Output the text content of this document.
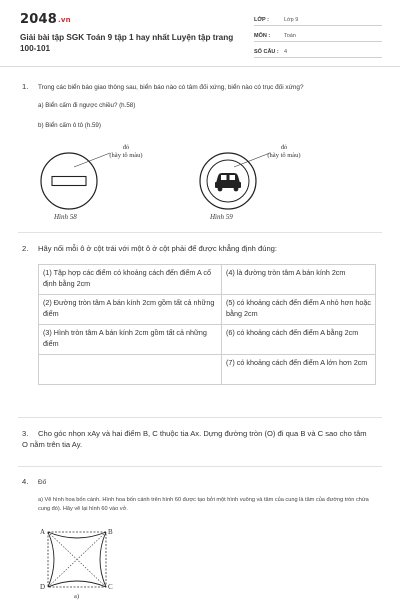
2048.vn
Giải bài tập SGK Toán 9 tập 1 hay nhất Luyện tập trang 100-101
LỚP :	Lớp 9
MÔN :	Toán
SỐ CÂU : 4
1. Trong các biển báo giao thông sau, biển báo nào có tâm đối xứng, biển nào có trục đối xứng?
a) Biển cấm đi ngược chiều? (h.58)
b) Biển cấm ô tô (h.59)
đỏ
(hãy tô màu)
Hình 58
đỏ
(hãy tô màu)
Hình 59
2. Hãy nối mỗi ô ở cột trái với một ô ở cột phải để được khẳng định đúng:
(1) Tập hợp các điểm có khoảng cách đến điểm A cố định bằng 2cm	(4) là đường tròn tâm A bán kính 2cm
(2) Đường tròn tâm A bán kính 2cm gồm tất cả những điểm	(5) có khoảng cách đến điểm A nhỏ hơn hoặc bằng 2cm
(3) Hình tròn tâm A bán kính 2cm gồm tất cả những điểm	(6) có khoảng cách đến điểm A bằng 2cm
	(7) có khoảng cách đến điểm A lớn hơn 2cm
3. Cho góc nhọn xAy và hai điểm B, C thuộc tia Ax. Dựng đường tròn (O) đi qua B và C sao cho tâm O nằm trên tia Ay.
4. Đố
a) Vẽ hình hoa bốn cánh. Hình hoa bốn cánh trên hình 60 được tạo bởi một hình vuông và tâm của cung là tâm của đường tròn chứa cung đó). Hãy vẽ lại hình 60 vào vở.
A	B
C
D
a)
